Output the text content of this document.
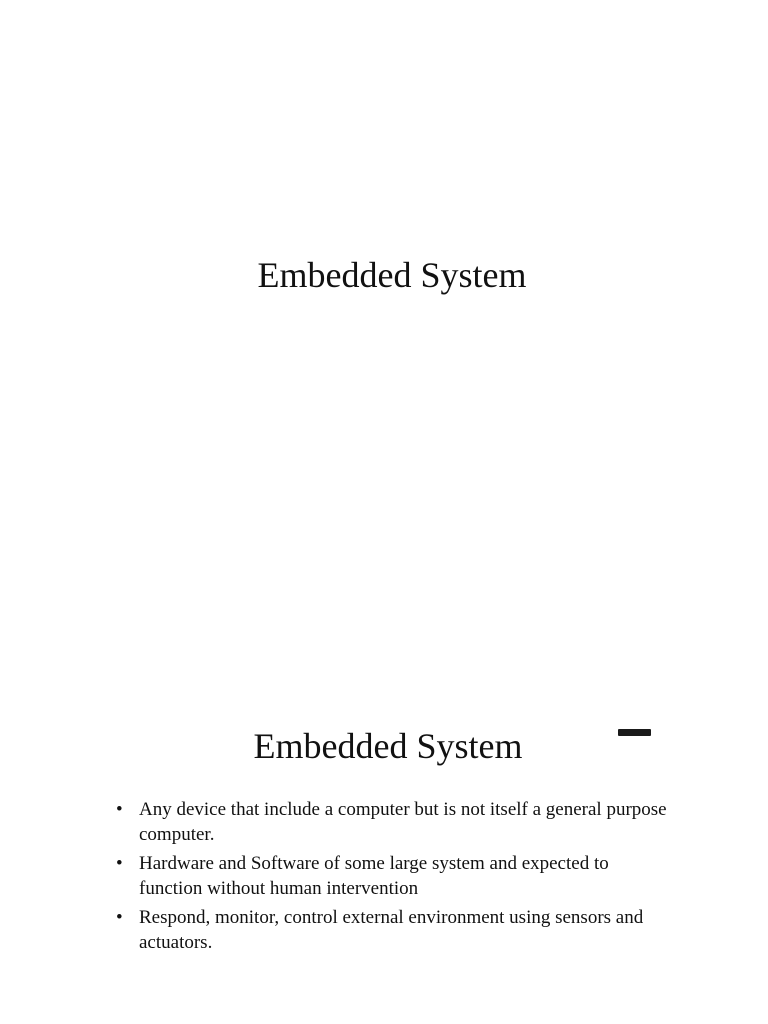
Embedded System
Embedded System
• Any device that include a computer but is not itself a general purpose computer.
• Hardware and Software of some large system and expected to function without human intervention
• Respond, monitor, control external environment using sensors and actuators.
